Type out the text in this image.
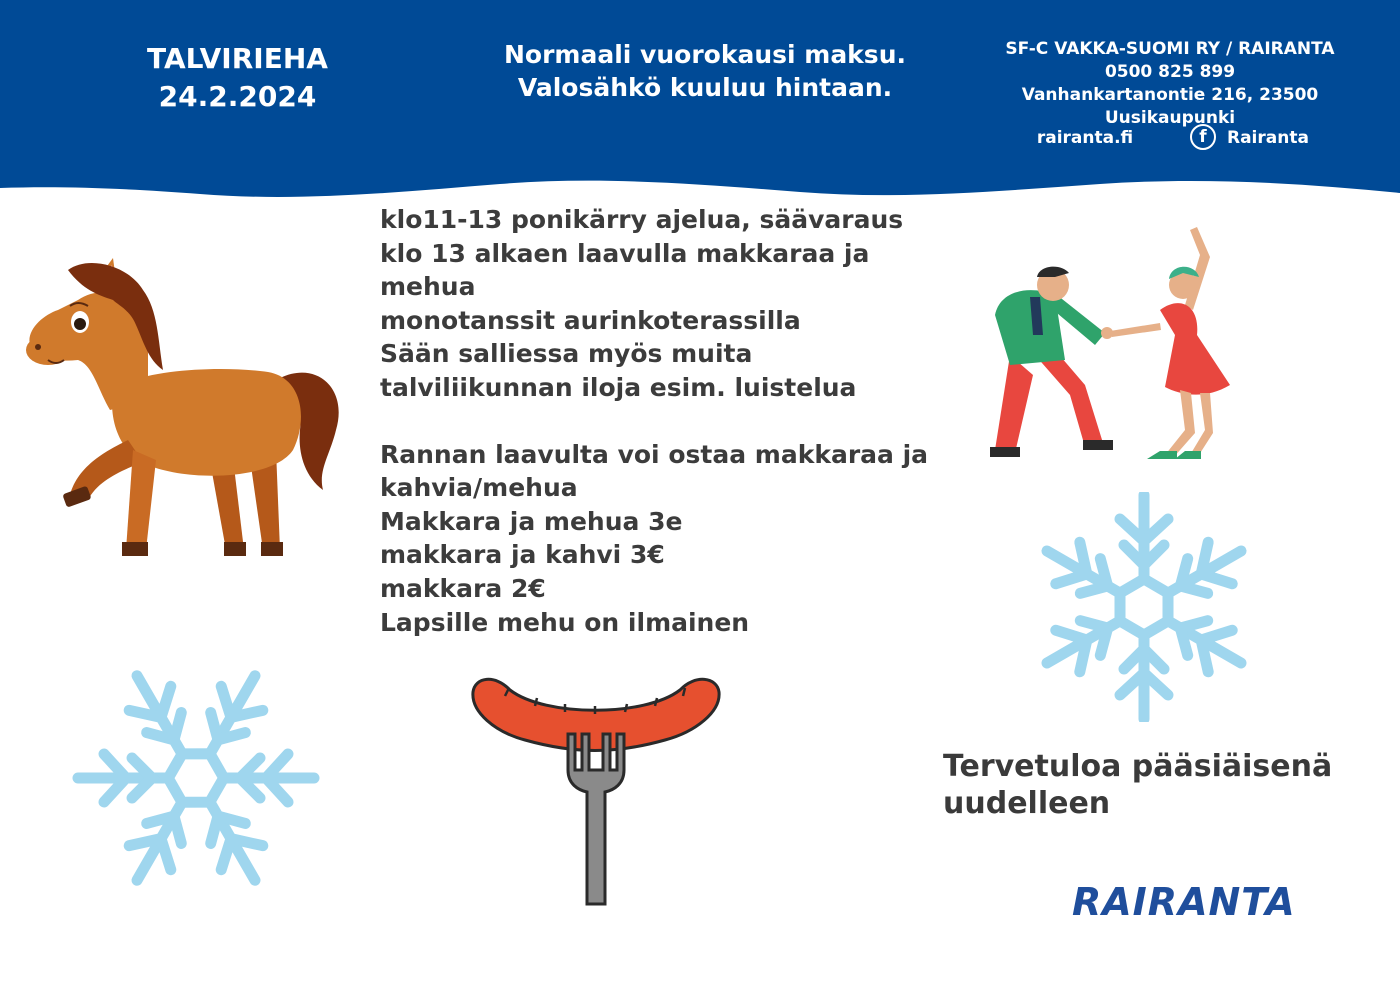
TALVIRIEHA
24.2.2024
Normaali vuorokausi maksu.
Valosähkö kuuluu hintaan.
SF-C VAKKA-SUOMI RY / RAIRANTA
0500 825 899
Vanhankartanontie 216, 23500 Uusikaupunki
rairanta.fi	f	Rairanta

klo11-13 ponikärry ajelua, säävaraus

klo 13 alkaen laavulla makkaraa ja mehua

monotanssit aurinkoterassilla

Sään salliessa myös muita talviliikunnan iloja esim. luistelua

Rannan laavulta voi ostaa makkaraa ja kahvia/mehua

Makkara ja mehua 3e

makkara ja kahvi 3€

makkara 2€

Lapsille mehu on ilmainen

Tervetuloa pääsiäisenä
uudelleen
RAIRANTA
